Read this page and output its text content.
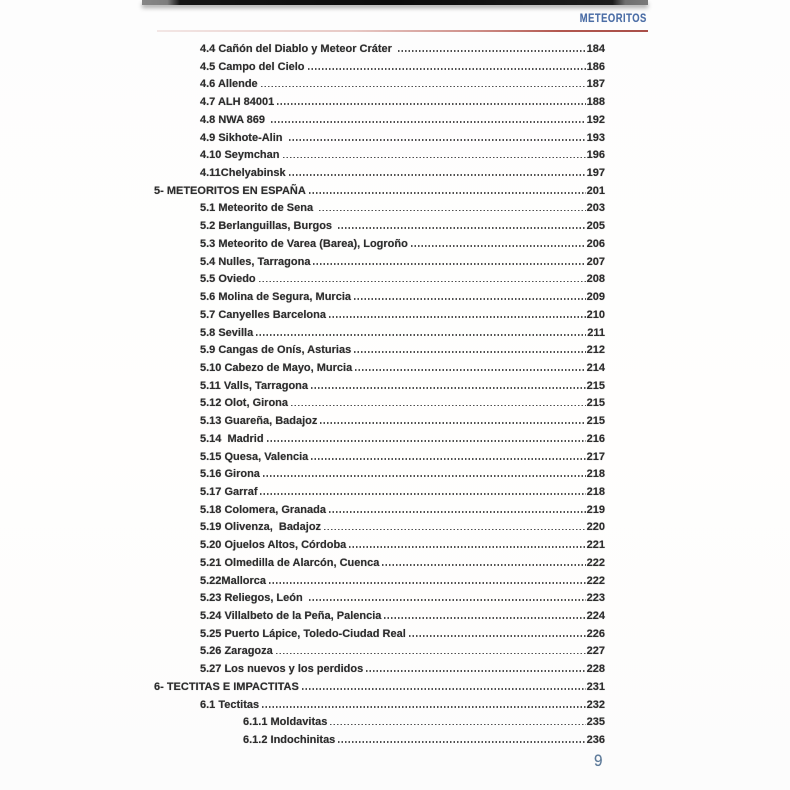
METEORITOS
4.4 Cañón del Diablo y Meteor Cráter	184
4.5 Campo del Cielo	186
4.6 Allende	187
4.7 ALH 84001	188
4.8 NWA 869	192
4.9 Sikhote-Alin	193
4.10 Seymchan	196
4.11Chelyabinsk	197
5- METEORITOS EN ESPAÑA	201
5.1 Meteorito de Sena	203
5.2 Berlanguillas, Burgos	205
5.3 Meteorito de Varea (Barea), Logroño	206
5.4 Nulles, Tarragona	207
5.5 Oviedo	208
5.6 Molina de Segura, Murcia	209
5.7 Canyelles Barcelona	210
5.8 Sevilla	211
5.9 Cangas de Onís, Asturias	212
5.10 Cabezo de Mayo, Murcia	214
5.11 Valls, Tarragona	215
5.12 Olot, Girona	215
5.13 Guareña, Badajoz	215
5.14  Madrid	216
5.15 Quesa, Valencia	217
5.16 Girona	218
5.17 Garraf	218
5.18 Colomera, Granada	219
5.19 Olivenza,  Badajoz	220
5.20 Ojuelos Altos, Córdoba	221
5.21 Olmedilla de Alarcón, Cuenca	222
5.22Mallorca	222
5.23 Reliegos, León	223
5.24 Villalbeto de la Peña, Palencia	224
5.25 Puerto Lápice, Toledo-Ciudad Real	226
5.26 Zaragoza	227
5.27 Los nuevos y los perdidos	228
6- TECTITAS E IMPACTITAS	231
6.1 Tectitas	232
6.1.1 Moldavitas	235
6.1.2 Indochinitas	236
9
